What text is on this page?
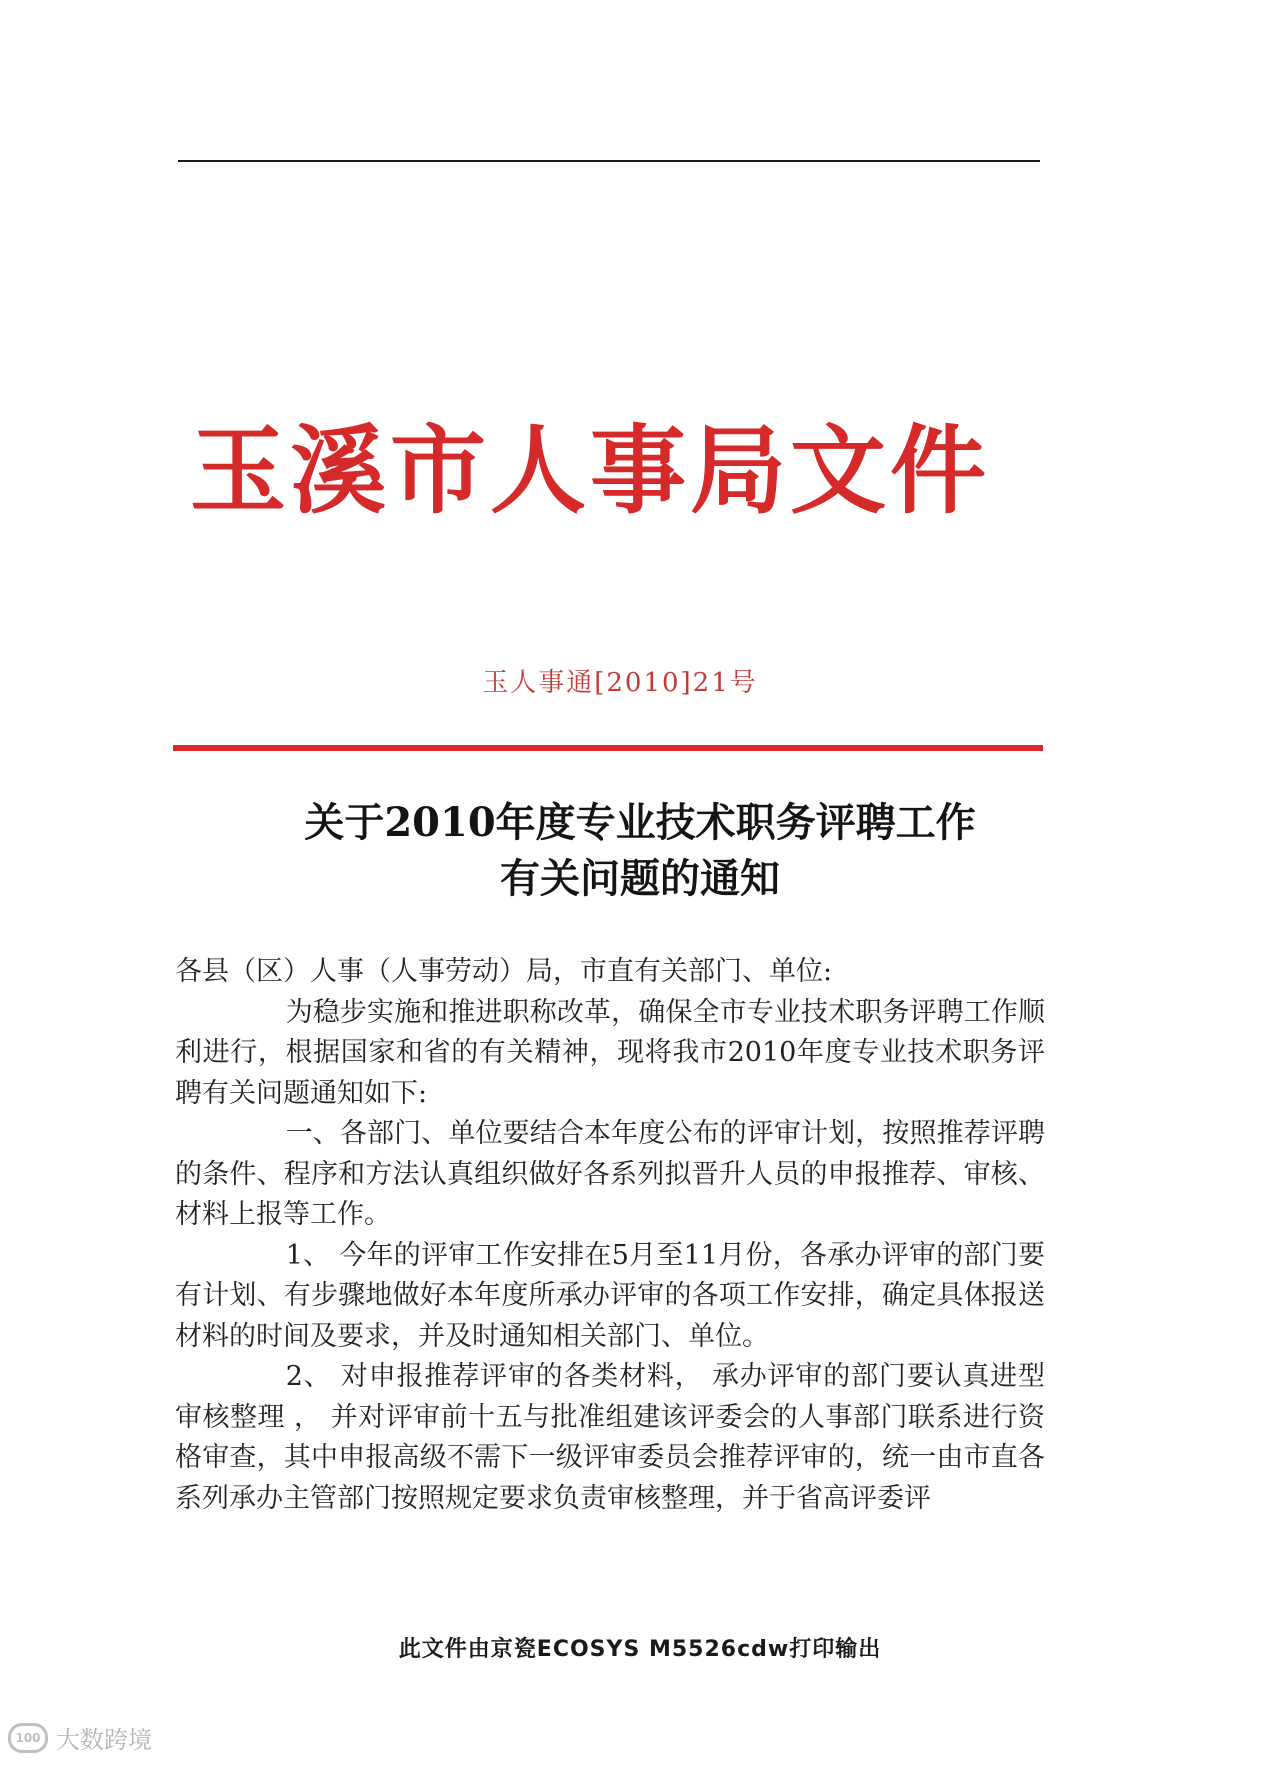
玉溪市人事局文件
玉人事通[2010]21号
关于2010年度专业技术职务评聘工作
有关问题的通知

各县（区）人事（人事劳动）局，市直有关部门、单位:

为稳步实施和推进职称改革，确保全市专业技术职务评聘工作顺利进行，根据国家和省的有关精神，现将我市2010年度专业技术职务评聘有关问题通知如下:

一、各部门、单位要结合本年度公布的评审计划，按照推荐评聘的条件、程序和方法认真组织做好各系列拟晋升人员的申报推荐、审核、材料上报等工作。

1、 今年的评审工作安排在5月至11月份，各承办评审的部门要有计划、有步骤地做好本年度所承办评审的各项工作安排，确定具体报送材料的时间及要求，并及时通知相关部门、单位。

2、 对申报推荐评审的各类材料， 承办评审的部门要认真进型审核整理 ， 并对评审前十五与批准组建该评委会的人事部门联系进行资格审查，其中申报高级不需下一级评审委员会推荐评审的，统一由市直各系列承办主管部门按照规定要求负责审核整理，并于省高评委评

此文件由京瓷ECOSYS M5526cdw打印输出
100 大数跨境
